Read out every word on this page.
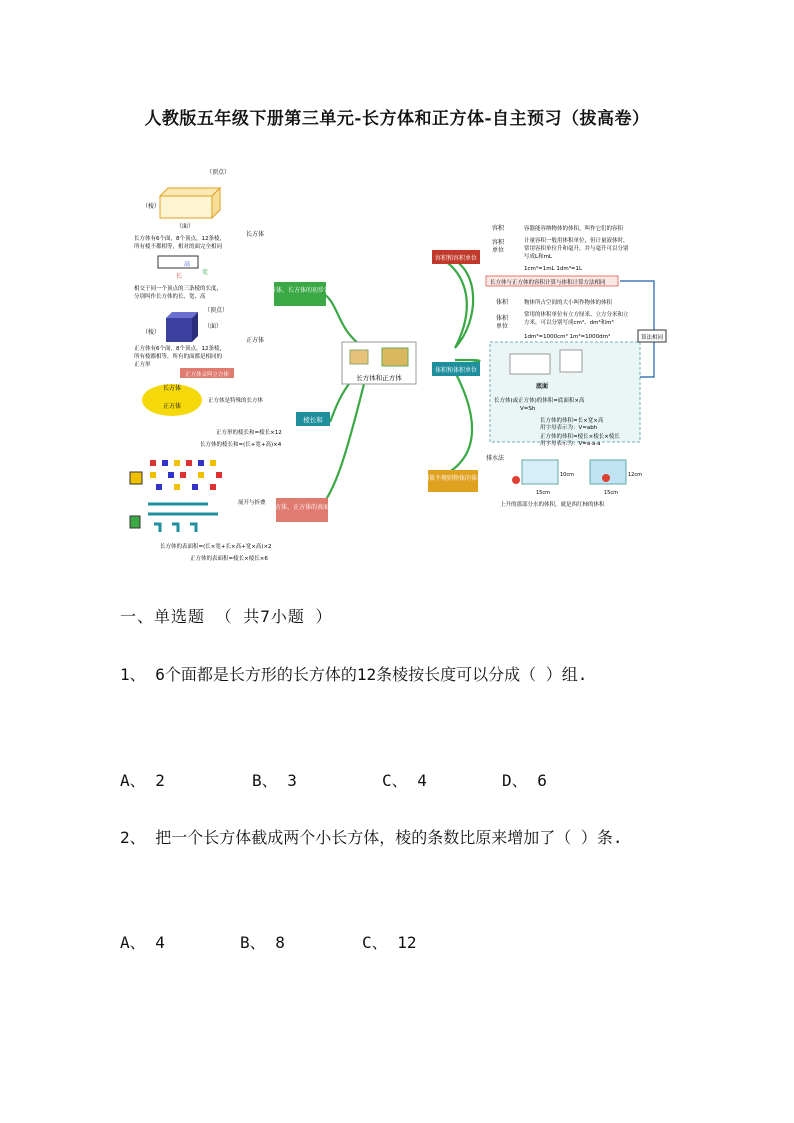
人教版五年级下册第三单元-长方体和正方体-自主预习（拔高卷）
长方体和正方体
正方体、长方体的初步认识
棱长和
长方体、正方体的表面积
容积和容积单位
体积和体积单位
测量不规则物体的体积
（顶点）
（棱）
（面）
长方体有6个面，8个顶点，12条棱，
所有棱不都相等，相对的面完全相同
长方体
高
长
宽
相交于同一个顶点的三条棱的长度，
分别叫作长方体的长、宽、高
（顶点）
（棱）
（面）
正方体
正方体有6个面，8个顶点，12条棱，
所有棱都相等，所有的面都是相同的
正方形
正方体又叫立方体
长方体
正方体
正方体是特殊的长方体
正方形的棱长和=棱长×12
长方体的棱长和=(长+宽+高)×4
展开与折叠
长方体的表面积=(长×宽+长×高+宽×高)×2
正方体的表面积=棱长×棱长×6
容积	容器能容纳物体的体积，叫作它们的容积
容积
单位
计量容积一般用体积单位，但计量液体时，
常用容积单位升和毫升，并与毫升可以分别
写成L和mL
1cm³=1mL 1dm³=1L
长方体与正方体的容积计算与体积计算方法相同
体积	物体所占空间的大小叫作物体的体积
体积
单位
常用的体积单位有立方厘米、立方分米和立
方米，可以分别写成cm³、dm³和m³
1dm³=1000cm³ 1m³=1000dm³
底面
长方体(或正方体)的体积=底面积×高
V=Sh
长方体的体积=长×宽×高
用字母表示为：V=abh
正方体的体积=棱长×棱长×棱长
用字母表示为：V=a·a·a
算法相同
排水法
10cm
15cm	15cm
12cm
上升的那部分水的体积，就是西红柿的体积
一、单选题 （ 共7小题 ）
1、 6个面都是长方形的长方体的12条棱按长度可以分成（ ）组.
A、 2	B、 3	C、 4	D、 6
2、 把一个长方体截成两个小长方体，棱的条数比原来增加了（ ）条.
A、 4	B、 8	C、 12
